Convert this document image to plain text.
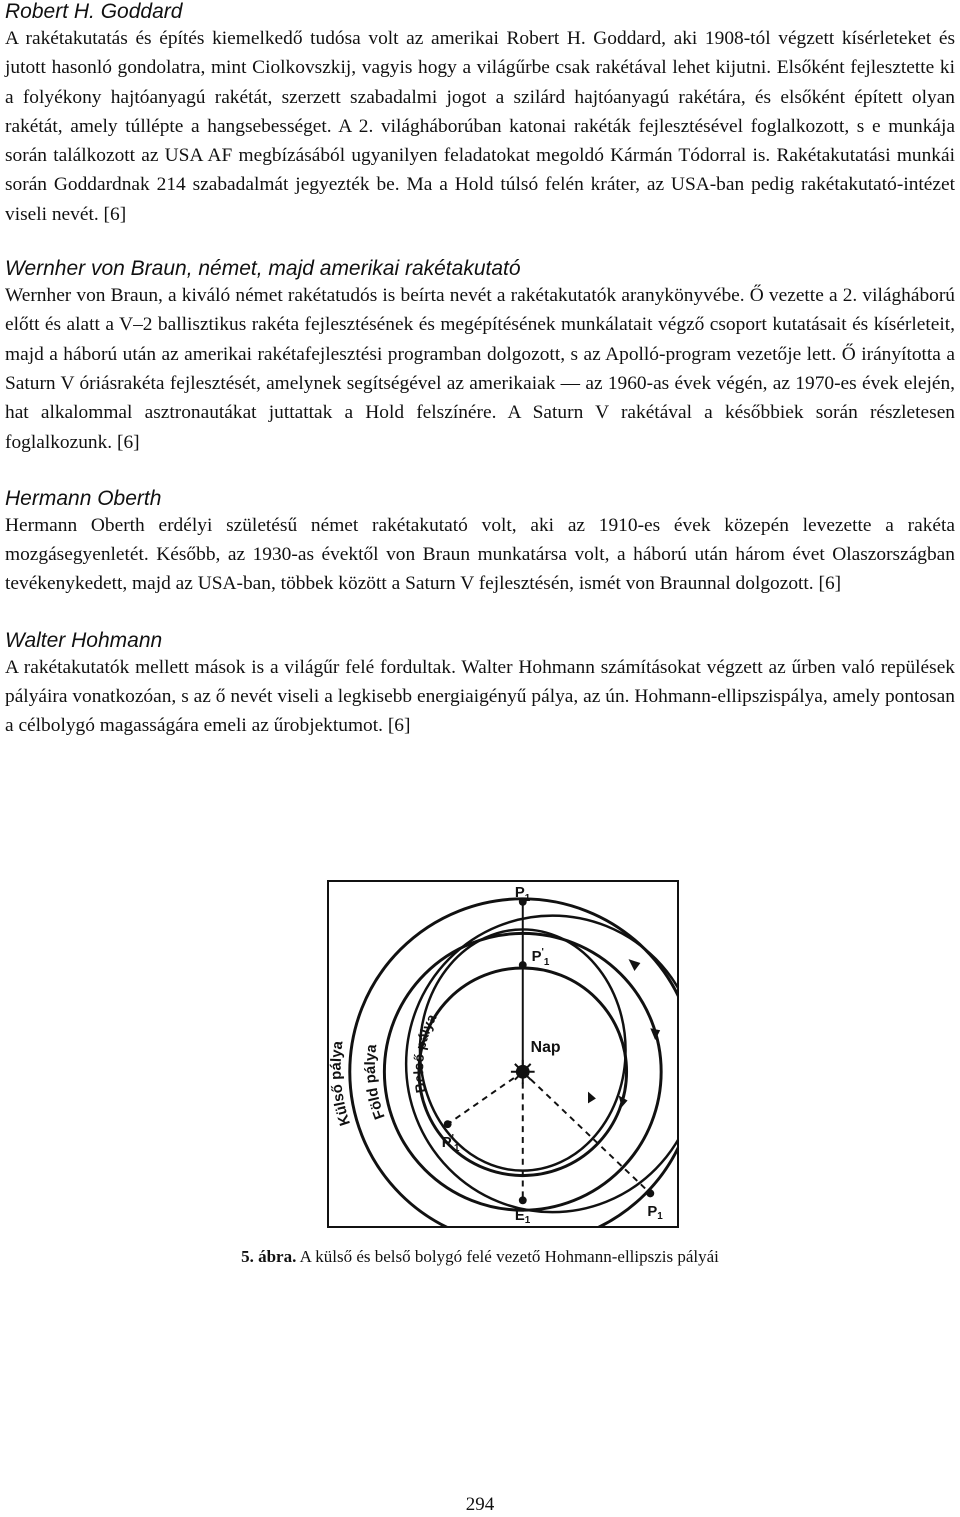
Robert H. Goddard

A rakétakutatás és építés kiemelkedő tudósa volt az amerikai Robert H. Goddard, aki 1908-tól végzett kísérleteket és jutott hasonló gondolatra, mint Ciolkovszkij, vagyis hogy a világűrbe csak rakétával lehet kijutni. Elsőként fejlesztette ki a folyékony hajtóanyagú rakétát, szerzett szabadalmi jogot a szilárd hajtóanyagú rakétára, és elsőként épített olyan rakétát, amely túllépte a hangsebességet. A 2. világháborúban katonai rakéták fejlesztésével foglalkozott, s e munkája során találkozott az USA AF megbízásából ugyanilyen feladatokat megoldó Kármán Tódorral is. Rakétakutatási munkái során Goddardnak 214 szabadalmát jegyezték be. Ma a Hold túlsó felén kráter, az USA-ban pedig rakétakutató-intézet viseli nevét. [6]

Wernher von Braun, német, majd amerikai rakétakutató

Wernher von Braun, a kiváló német rakétatudós is beírta nevét a rakétakutatók aranykönyvébe. Ő vezette a 2. világháború előtt és alatt a V–2 ballisztikus rakéta fejlesztésének és megépítésének munkálatait végző csoport kutatásait és kísérleteit, majd a háború után az amerikai rakétafejlesztési programban dolgozott, s az Apolló-program vezetője lett. Ő irányította a Saturn V óriásrakéta fejlesztését, amelynek segítségével az amerikaiak — az 1960-as évek végén, az 1970-es évek elején, hat alkalommal asztronautákat juttattak a Hold felszínére. A Saturn V rakétával a későbbiek során részletesen foglalkozunk. [6]

Hermann Oberth

Hermann Oberth erdélyi születésű német rakétakutató volt, aki az 1910-es évek közepén levezette a rakéta mozgásegyenletét. Később, az 1930-as évektől von Braun munkatársa volt, a háború után három évet Olaszországban tevékenykedett, majd az USA-ban, többek között a Saturn V fejlesztésén, ismét von Braunnal dolgozott. [6]

Walter Hohmann

A rakétakutatók mellett mások is a világűr felé fordultak. Walter Hohmann számításokat végzett az űrben való repülések pályáira vonatkozóan, s az ő nevét viseli a legkisebb energiaigényű pálya, az ún. Hohmann-ellipszispálya, amely pontosan a célbolygó magasságára emeli az űrobjektumot. [6]

Külső pálya
Föld pálya
Belső pálya
Nap
$P_1$
$P'_1$
$P'_1$
$E_1$
$P_1$
5. ábra. A külső és belső bolygó felé vezető Hohmann-ellipszis pályái
294
